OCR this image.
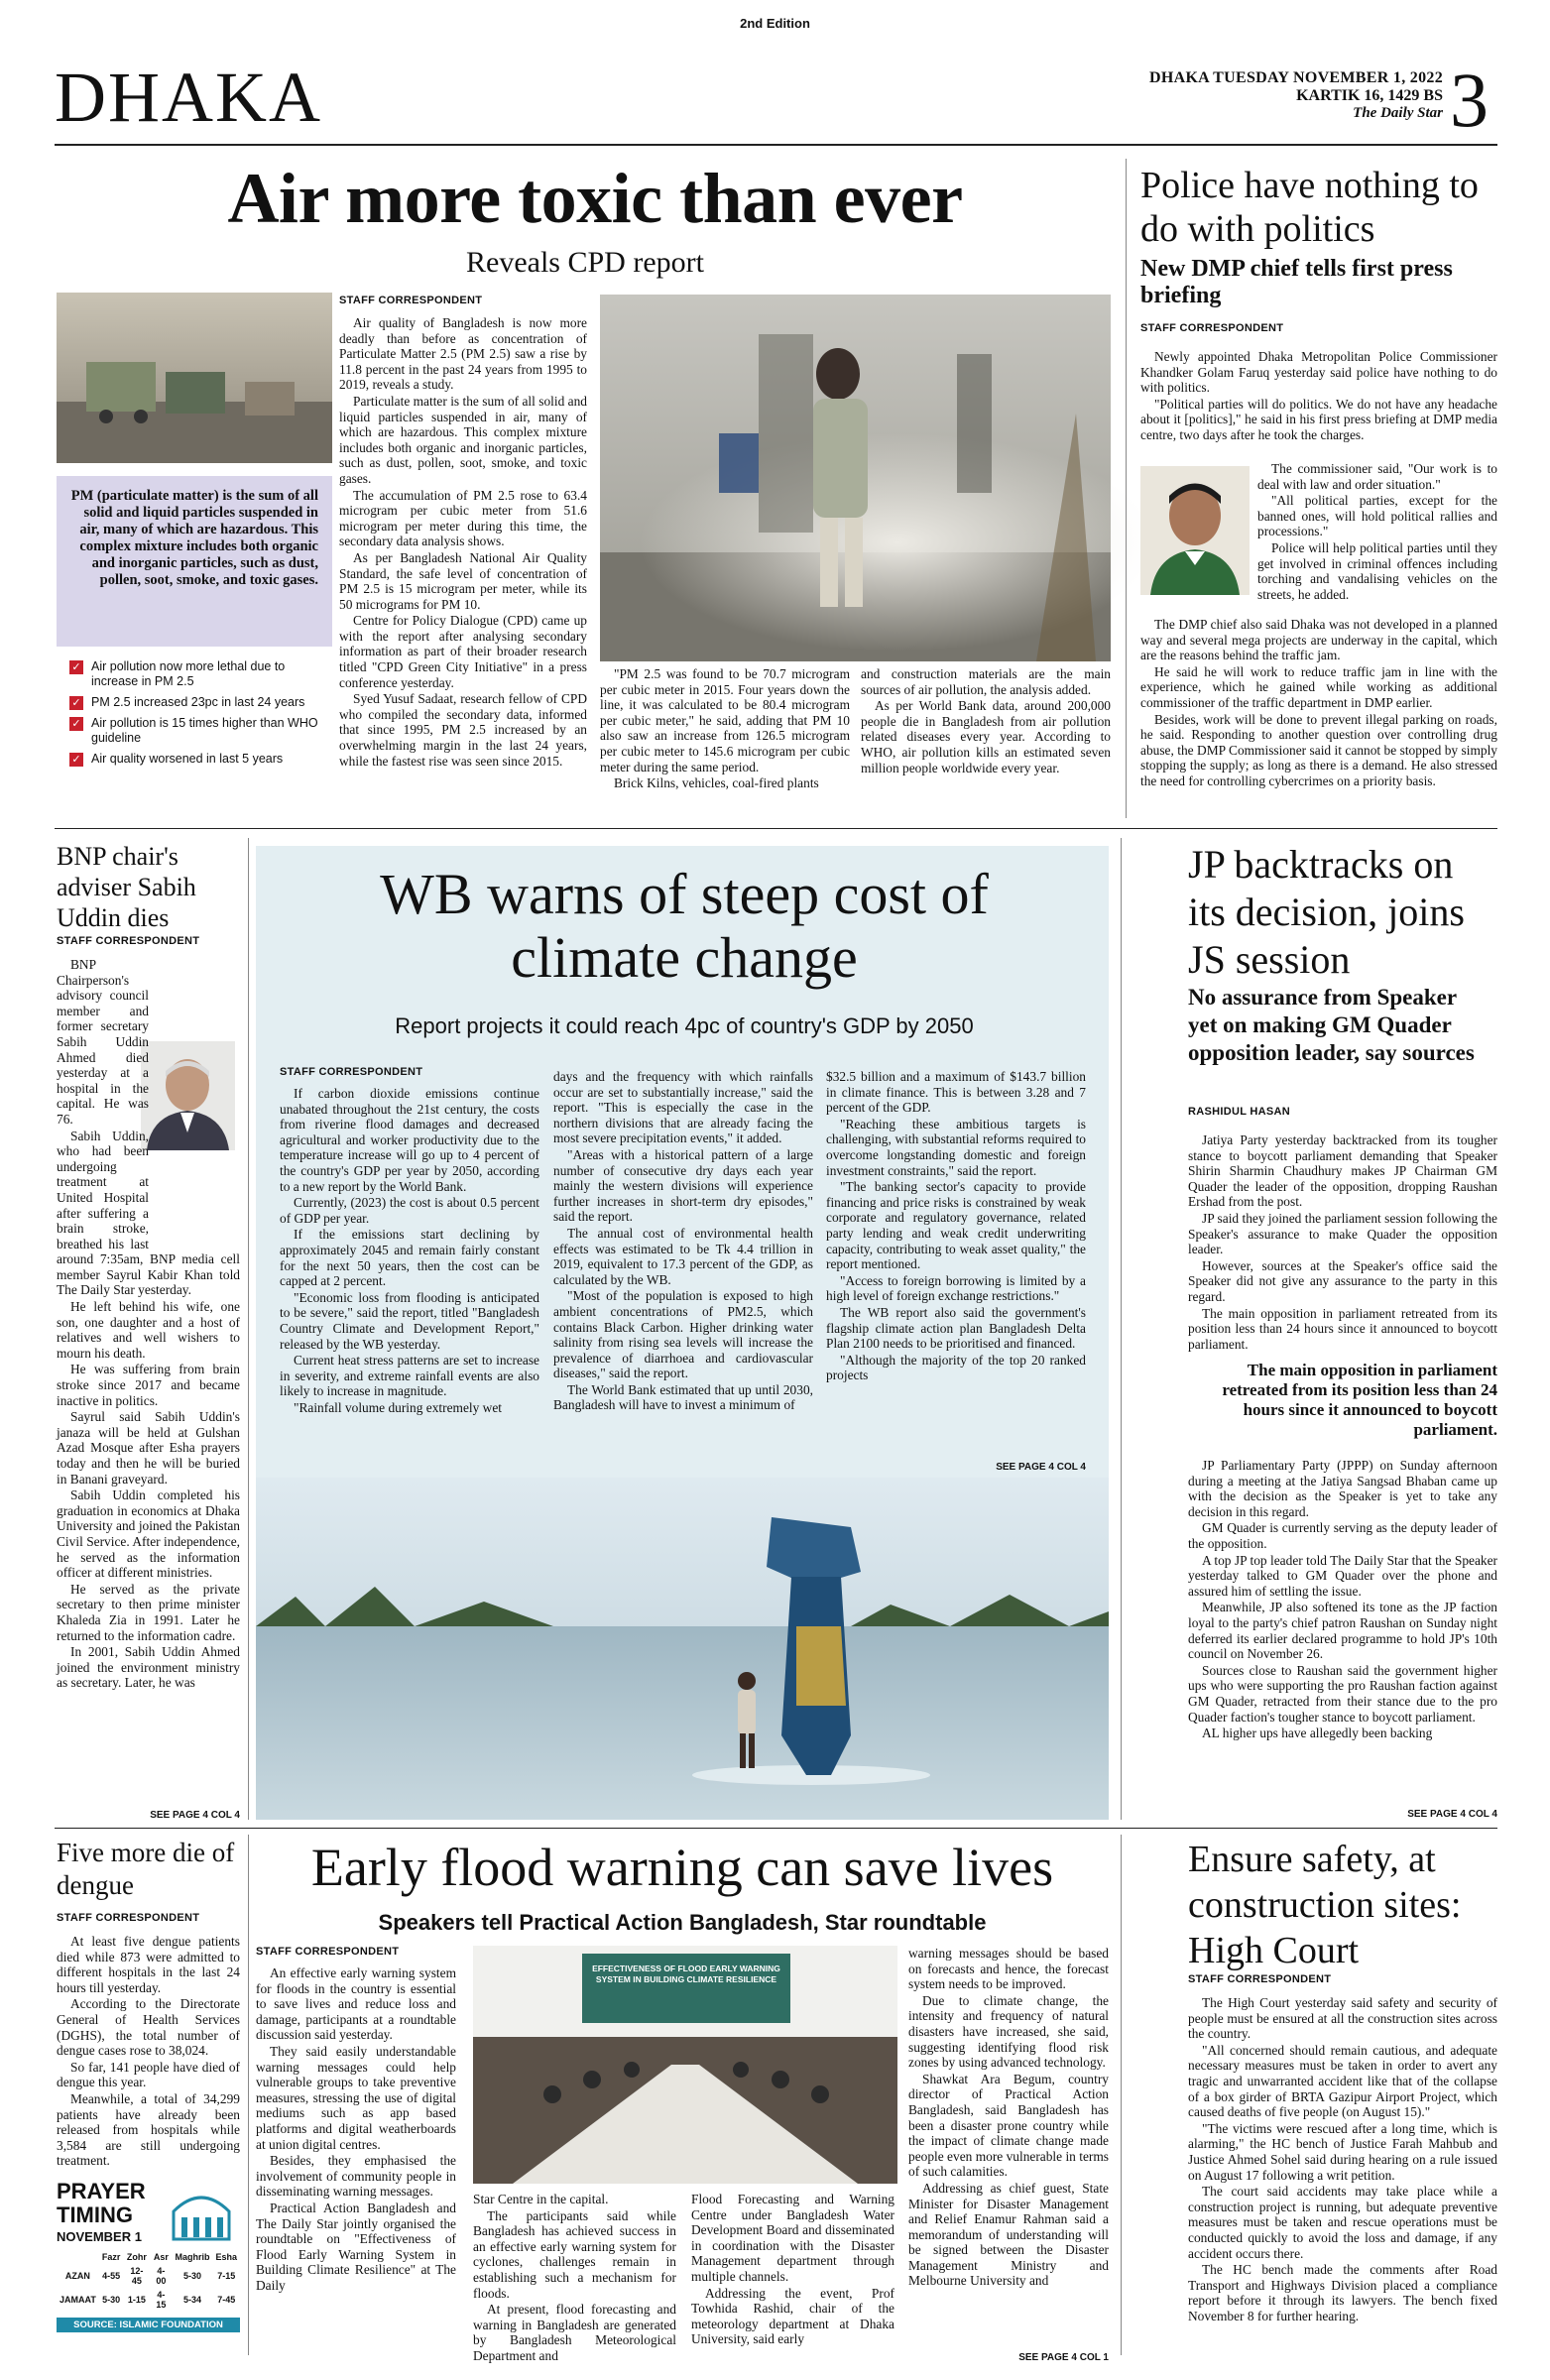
2nd Edition
DHAKA	DHAKA TUESDAY NOVEMBER 1, 2022
KARTIK 16, 1429 BS
The Daily Star 3
Air more toxic than ever
Reveals CPD report
PM (particulate matter) is the sum of all solid and liquid particles suspended in air, many of which are hazardous. This complex mixture includes both organic and inorganic particles, such as dust, pollen, soot, smoke, and toxic gases.
✓ Air pollution now more lethal due to increase in PM 2.5
✓ PM 2.5 increased 23pc in last 24 years
✓ Air pollution is 15 times higher than WHO guideline
✓ Air quality worsened in last 5 years
STAFF CORRESPONDENT

Air quality of Bangladesh is now more deadly than before as concentration of Particulate Matter 2.5 (PM 2.5) saw a rise by 11.8 percent in the past 24 years from 1995 to 2019, reveals a study.

Particulate matter is the sum of all solid and liquid particles suspended in air, many of which are hazardous. This complex mixture includes both organic and inorganic particles, such as dust, pollen, soot, smoke, and toxic gases.

The accumulation of PM 2.5 rose to 63.4 microgram per cubic meter from 51.6 microgram per meter during this time, the secondary data analysis shows.

As per Bangladesh National Air Quality Standard, the safe level of concentration of PM 2.5 is 15 microgram per meter, while its 50 micrograms for PM 10.

Centre for Policy Dialogue (CPD) came up with the report after analysing secondary information as part of their broader research titled "CPD Green City Initiative" in a press conference yesterday.

Syed Yusuf Sadaat, research fellow of CPD who compiled the secondary data, informed that since 1995, PM 2.5 increased by an overwhelming margin in the last 24 years, while the fastest rise was seen since 2015.

"PM 2.5 was found to be 70.7 microgram per cubic meter in 2015. Four years down the line, it was calculated to be 80.4 microgram per cubic meter," he said, adding that PM 10 also saw an increase from 126.5 microgram per cubic meter to 145.6 microgram per cubic meter during the same period.

Brick Kilns, vehicles, coal-fired plants

and construction materials are the main sources of air pollution, the analysis added.

As per World Bank data, around 200,000 people die in Bangladesh from air pollution related diseases every year. According to WHO, air pollution kills an estimated seven million people worldwide every year.

Police have nothing to do with politics
New DMP chief tells first press briefing
STAFF CORRESPONDENT

Newly appointed Dhaka Metropolitan Police Commissioner Khandker Golam Faruq yesterday said police have nothing to do with politics.

"Political parties will do politics. We do not have any headache about it [politics]," he said in his first press briefing at DMP media centre, two days after he took the charges.

The commissioner said, "Our work is to deal with law and order situation."

"All political parties, except for the banned ones, will hold political rallies and processions."

Police will help political parties until they get involved in criminal offences including torching and vandalising vehicles on the streets, he added.

The DMP chief also said Dhaka was not developed in a planned way and several mega projects are underway in the capital, which are the reasons behind the traffic jam.

He said he will work to reduce traffic jam in line with the experience, which he gained while working as additional commissioner of the traffic department in DMP earlier.

Besides, work will be done to prevent illegal parking on roads, he said. Responding to another question over controlling drug abuse, the DMP Commissioner said it cannot be stopped by simply stopping the supply; as long as there is a demand. He also stressed the need for controlling cybercrimes on a priority basis.

BNP chair's adviser Sabih Uddin dies
STAFF CORRESPONDENT

BNP Chairperson's advisory council member and former secretary Sabih Uddin Ahmed died yesterday at a hospital in the capital. He was 76.

Sabih Uddin, who had been undergoing treatment at United Hospital after suffering a brain stroke, breathed his last around 7:35am, BNP media cell member Sayrul Kabir Khan told The Daily Star yesterday.

He left behind his wife, one son, one daughter and a host of relatives and well wishers to mourn his death.

He was suffering from brain stroke since 2017 and became inactive in politics.

Sayrul said Sabih Uddin's janaza will be held at Gulshan Azad Mosque after Esha prayers today and then he will be buried in Banani graveyard.

Sabih Uddin completed his graduation in economics at Dhaka University and joined the Pakistan Civil Service. After independence, he served as the information officer at different ministries.

He served as the private secretary to then prime minister Khaleda Zia in 1991. Later he returned to the information cadre.

In 2001, Sabih Uddin Ahmed joined the environment ministry as secretary. Later, he was

SEE PAGE 4 COL 4
WB warns of steep cost of climate change
Report projects it could reach 4pc of country's GDP by 2050
STAFF CORRESPONDENT

If carbon dioxide emissions continue unabated throughout the 21st century, the costs from riverine flood damages and decreased agricultural and worker productivity due to the temperature increase will go up to 4 percent of the country's GDP per year by 2050, according to a new report by the World Bank.

Currently, (2023) the cost is about 0.5 percent of GDP per year.

If the emissions start declining by approximately 2045 and remain fairly constant for the next 50 years, then the cost can be capped at 2 percent.

"Economic loss from flooding is anticipated to be severe," said the report, titled "Bangladesh Country Climate and Development Report," released by the WB yesterday.

Current heat stress patterns are set to increase in severity, and extreme rainfall events are also likely to increase in magnitude.

"Rainfall volume during extremely wet

days and the frequency with which rainfalls occur are set to substantially increase," said the report. "This is especially the case in the northern divisions that are already facing the most severe precipitation events," it added.

"Areas with a historical pattern of a large number of consecutive dry days each year mainly the western divisions will experience further increases in short-term dry episodes," said the report.

The annual cost of environmental health effects was estimated to be Tk 4.4 trillion in 2019, equivalent to 17.3 percent of the GDP, as calculated by the WB.

"Most of the population is exposed to high ambient concentrations of PM2.5, which contains Black Carbon. Higher drinking water salinity from rising sea levels will increase the prevalence of diarrhoea and cardiovascular diseases," said the report.

The World Bank estimated that up until 2030, Bangladesh will have to invest a minimum of

$32.5 billion and a maximum of $143.7 billion in climate finance. This is between 3.28 and 7 percent of the GDP.

"Reaching these ambitious targets is challenging, with substantial reforms required to overcome longstanding domestic and foreign investment constraints," said the report.

"The banking sector's capacity to provide financing and price risks is constrained by weak corporate and regulatory governance, related party lending and weak credit underwriting capacity, contributing to weak asset quality," the report mentioned.

"Access to foreign borrowing is limited by a high level of foreign exchange restrictions."

The WB report also said the government's flagship climate action plan Bangladesh Delta Plan 2100 needs to be prioritised and financed.

"Although the majority of the top 20 ranked projects

SEE PAGE 4 COL 4
JP backtracks on its decision, joins JS session
No assurance from Speaker yet on making GM Quader opposition leader, say sources
RASHIDUL HASAN

Jatiya Party yesterday backtracked from its tougher stance to boycott parliament demanding that Speaker Shirin Sharmin Chaudhury makes JP Chairman GM Quader the leader of the opposition, dropping Raushan Ershad from the post.

JP said they joined the parliament session following the Speaker's assurance to make Quader the opposition leader.

However, sources at the Speaker's office said the Speaker did not give any assurance to the party in this regard.

The main opposition in parliament retreated from its position less than 24 hours since it announced to boycott parliament.

The main opposition in parliament retreated from its position less than 24 hours since it announced to boycott parliament.

JP Parliamentary Party (JPPP) on Sunday afternoon during a meeting at the Jatiya Sangsad Bhaban came up with the decision as the Speaker is yet to take any decision in this regard.

GM Quader is currently serving as the deputy leader of the opposition.

A top JP top leader told The Daily Star that the Speaker yesterday talked to GM Quader over the phone and assured him of settling the issue.

Meanwhile, JP also softened its tone as the JP faction loyal to the party's chief patron Raushan on Sunday night deferred its earlier declared programme to hold JP's 10th council on November 26.

Sources close to Raushan said the government higher ups who were supporting the pro Raushan faction against GM Quader, retracted from their stance due to the pro Quader faction's tougher stance to boycott parliament.

AL higher ups have allegedly been backing

SEE PAGE 4 COL 4
Five more die of dengue
STAFF CORRESPONDENT

At least five dengue patients died while 873 were admitted to different hospitals in the last 24 hours till yesterday.

According to the Directorate General of Health Services (DGHS), the total number of dengue cases rose to 38,024.

So far, 141 people have died of dengue this year.

Meanwhile, a total of 34,299 patients have already been released from hospitals while 3,584 are still undergoing treatment.

PRAYER
TIMING
NOVEMBER 1
	Fazr	Zohr	Asr	Maghrib	Esha
AZAN	4-55	12-45	4-00	5-30	7-15
JAMAAT	5-30	1-15	4-15	5-34	7-45
SOURCE: ISLAMIC FOUNDATION
Early flood warning can save lives
Speakers tell Practical Action Bangladesh, Star roundtable
STAFF CORRESPONDENT

An effective early warning system for floods in the country is essential to save lives and reduce loss and damage, participants at a roundtable discussion said yesterday.

They said easily understandable warning messages could help vulnerable groups to take preventive measures, stressing the use of digital mediums such as app based platforms and digital weatherboards at union digital centres.

Besides, they emphasised the involvement of community people in disseminating warning messages.

Practical Action Bangladesh and The Daily Star jointly organised the roundtable on "Effectiveness of Flood Early Warning System in Building Climate Resilience" at The Daily

EFFECTIVENESS OF FLOOD EARLY WARNING SYSTEM IN BUILDING CLIMATE RESILIENCE

Star Centre in the capital.

The participants said while Bangladesh has achieved success in an effective early warning system for cyclones, challenges remain in establishing such a mechanism for floods.

At present, flood forecasting and warning in Bangladesh are generated by Bangladesh Meteorological Department and

Flood Forecasting and Warning Centre under Bangladesh Water Development Board and disseminated in coordination with the Disaster Management department through multiple channels.

Addressing the event, Prof Towhida Rashid, chair of the meteorology department at Dhaka University, said early

warning messages should be based on forecasts and hence, the forecast system needs to be improved.

Due to climate change, the intensity and frequency of natural disasters have increased, she said, suggesting identifying flood risk zones by using advanced technology.

Shawkat Ara Begum, country director of Practical Action Bangladesh, said Bangladesh has been a disaster prone country while the impact of climate change made people even more vulnerable in terms of such calamities.

Addressing as chief guest, State Minister for Disaster Management and Relief Enamur Rahman said a memorandum of understanding will be signed between the Disaster Management Ministry and Melbourne University and

SEE PAGE 4 COL 1
Ensure safety, at construction sites: High Court
STAFF CORRESPONDENT

The High Court yesterday said safety and security of people must be ensured at all the construction sites across the country.

"All concerned should remain cautious, and adequate necessary measures must be taken in order to avert any tragic and unwarranted accident like that of the collapse of a box girder of BRTA Gazipur Airport Project, which caused deaths of five people (on August 15)."

"The victims were rescued after a long time, which is alarming," the HC bench of Justice Farah Mahbub and Justice Ahmed Sohel said during hearing on a rule issued on August 17 following a writ petition.

The court said accidents may take place while a construction project is running, but adequate preventive measures must be taken and rescue operations must be conducted quickly to avoid the loss and damage, if any accident occurs there.

The HC bench made the comments after Road Transport and Highways Division placed a compliance report before it through its lawyers. The bench fixed November 8 for further hearing.
